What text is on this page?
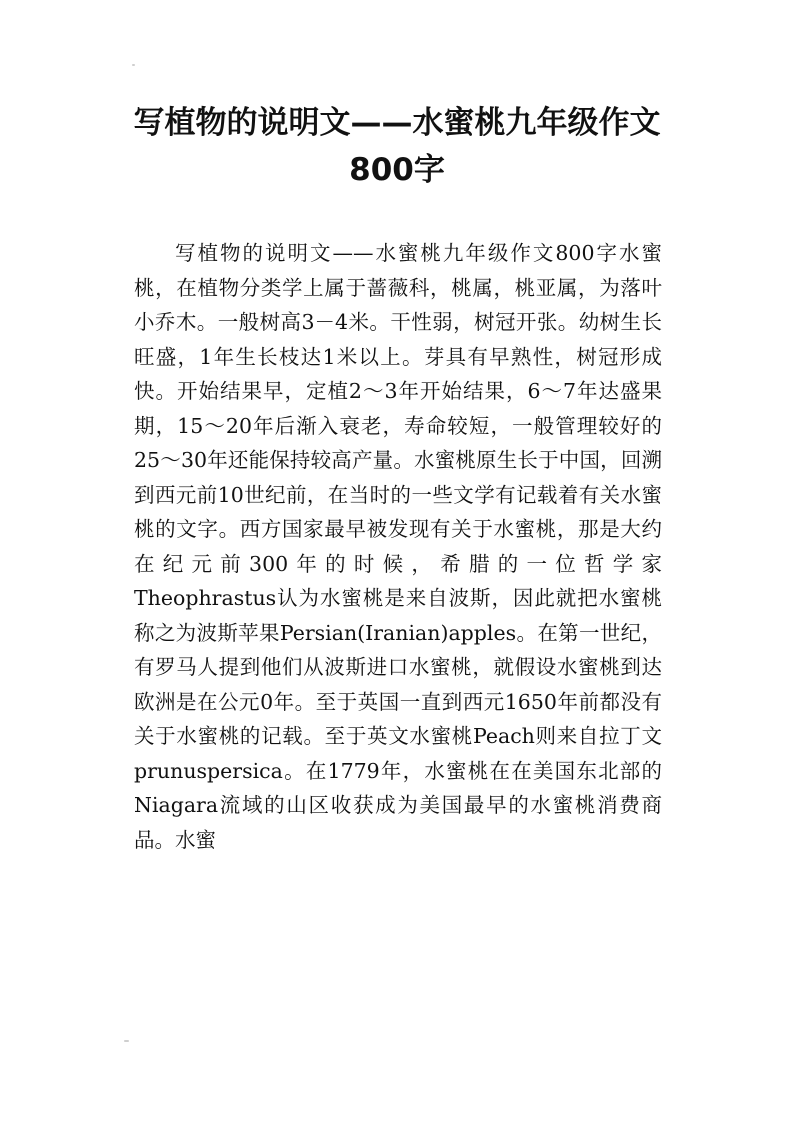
写植物的说明文——水蜜桃九年级作文800字

写植物的说明文——水蜜桃九年级作文800字水蜜桃，在植物分类学上属于蔷薇科，桃属，桃亚属，为落叶小乔木。一般树高3－4米。干性弱，树冠开张。幼树生长旺盛，1年生长枝达1米以上。芽具有早熟性，树冠形成快。开始结果早，定植2～3年开始结果，6～7年达盛果期，15～20年后渐入衰老，寿命较短，一般管理较好的25～30年还能保持较高产量。水蜜桃原生长于中国，回溯到西元前10世纪前，在当时的一些文学有记载着有关水蜜桃的文字。西方国家最早被发现有关于水蜜桃，那是大约在纪元前300年的时候，希腊的一位哲学家Theophrastus认为水蜜桃是来自波斯，因此就把水蜜桃称之为波斯苹果Persian(Iranian)apples。在第一世纪，有罗马人提到他们从波斯进口水蜜桃，就假设水蜜桃到达欧洲是在公元0年。至于英国一直到西元1650年前都没有关于水蜜桃的记载。至于英文水蜜桃Peach则来自拉丁文prunuspersica。在1779年，水蜜桃在在美国东北部的Niagara流域的山区收获成为美国最早的水蜜桃消费商品。水蜜
